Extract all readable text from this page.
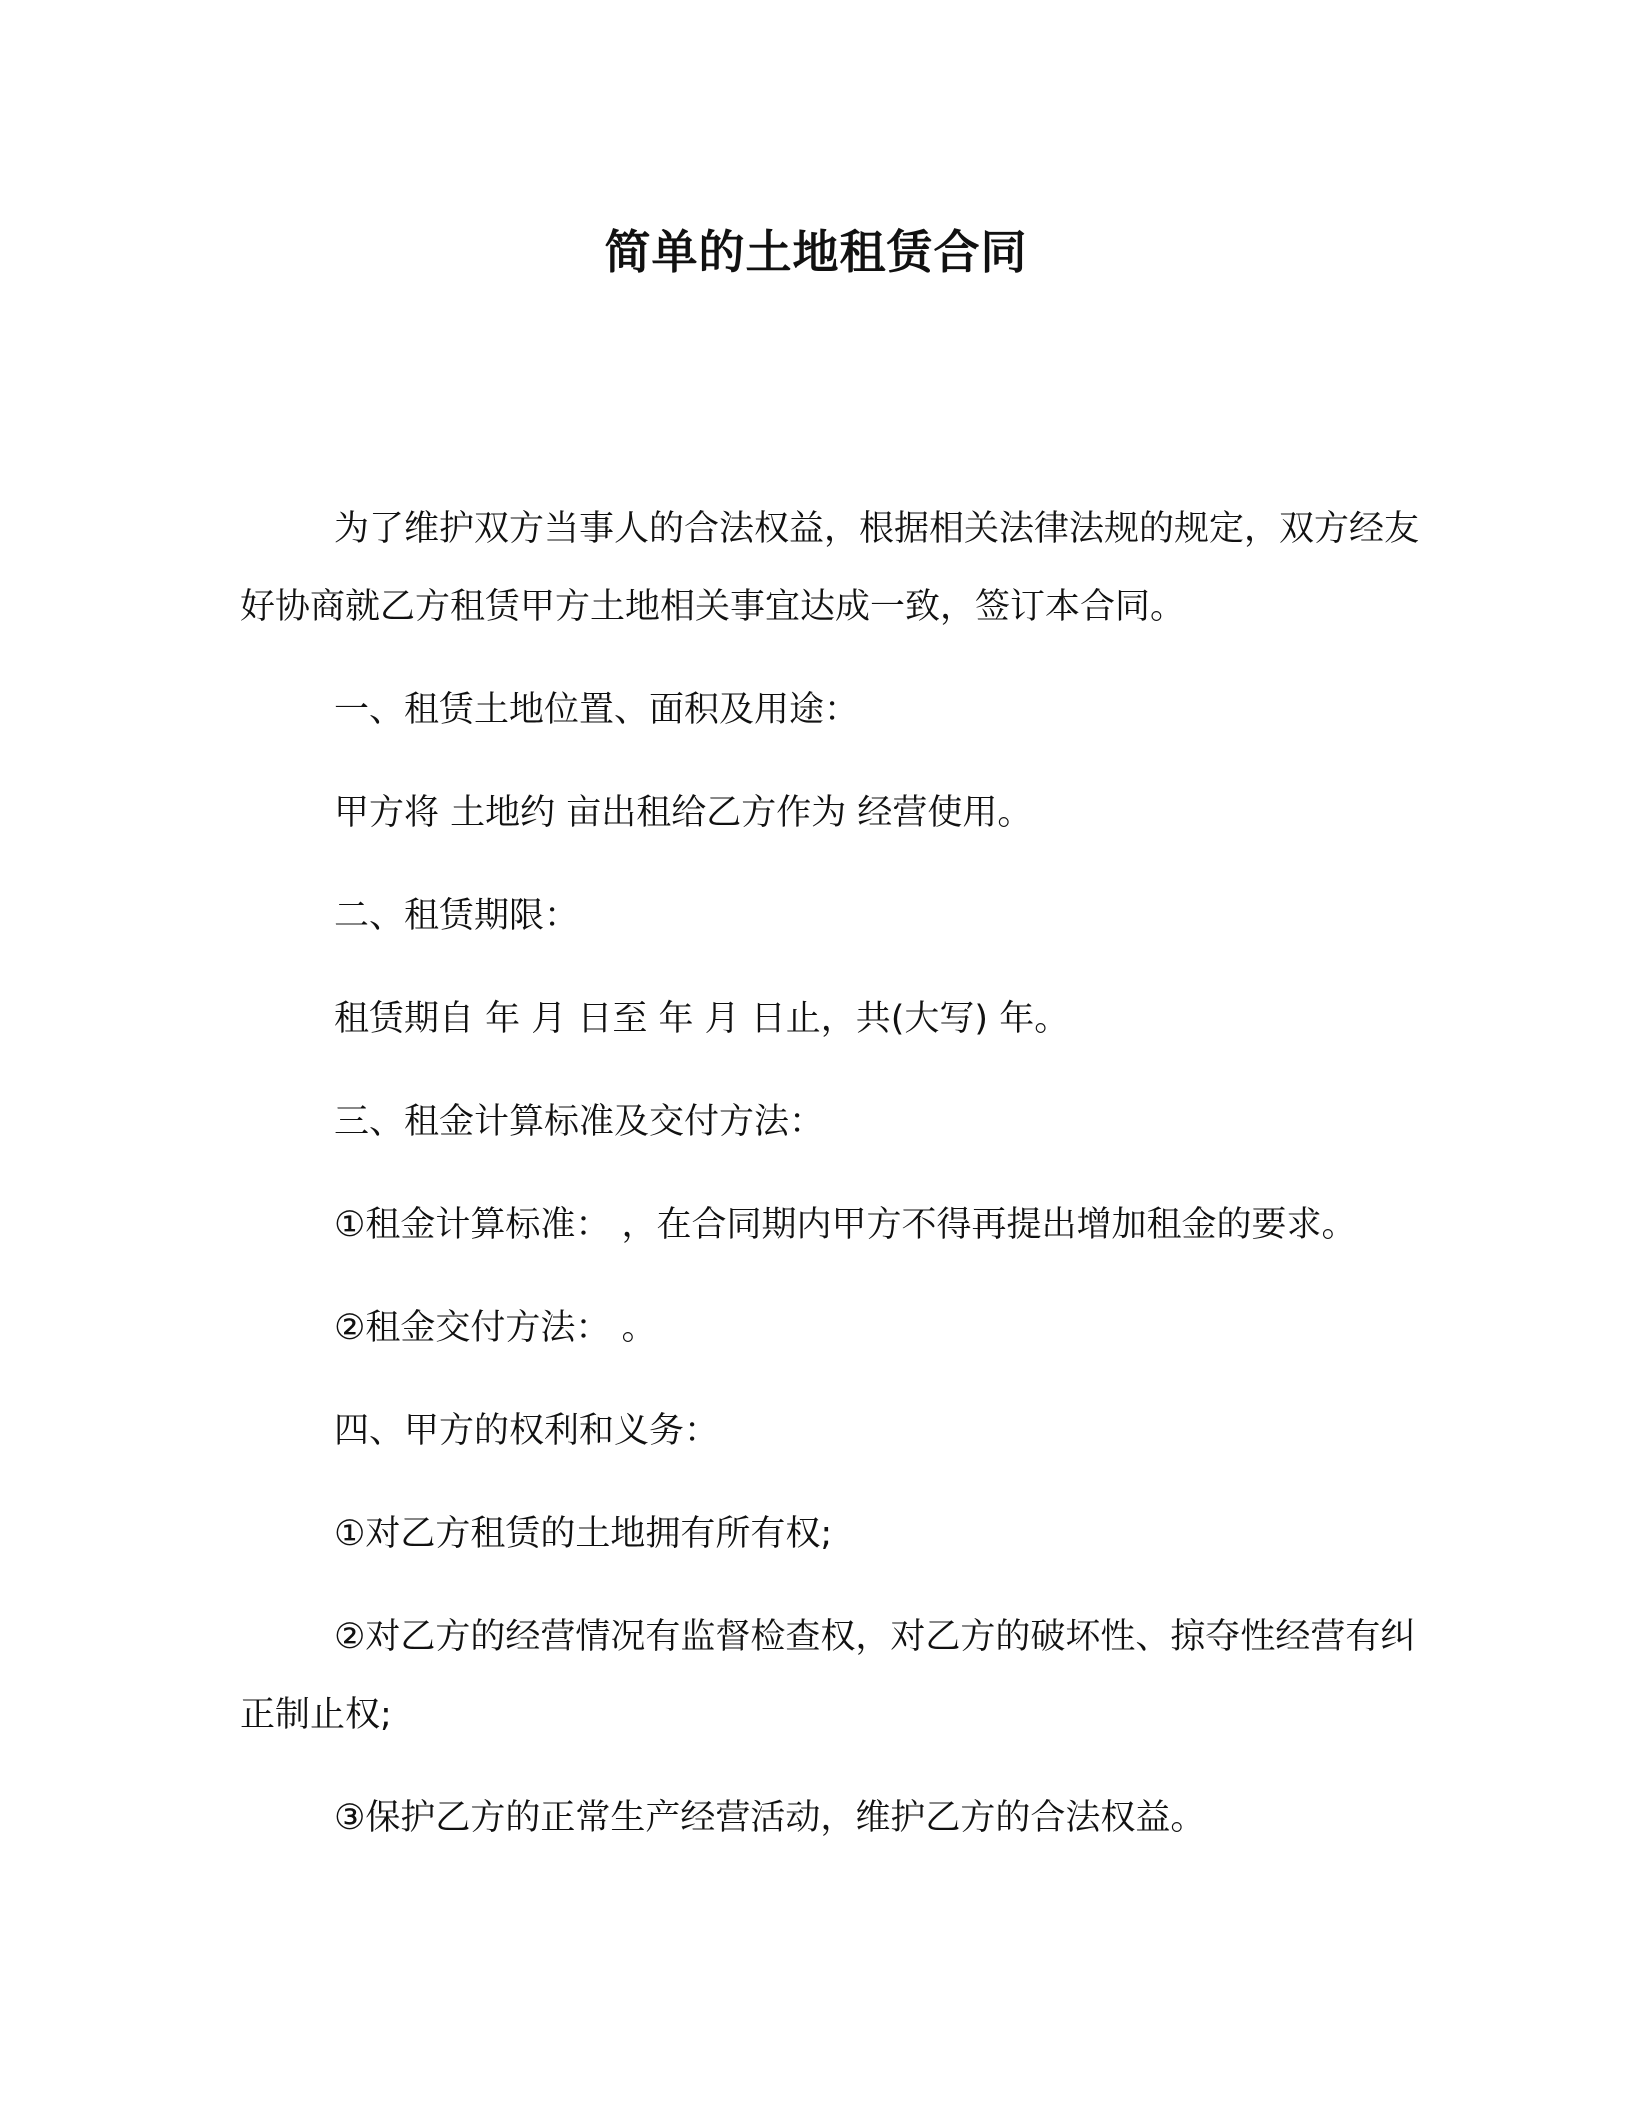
简单的土地租赁合同

为了维护双方当事人的合法权益，根据相关法律法规的规定，双方经友好协商就乙方租赁甲方土地相关事宜达成一致，签订本合同。

一、租赁土地位置、面积及用途：

甲方将 土地约 亩出租给乙方作为 经营使用。

二、租赁期限：

租赁期自 年 月 日至 年 月 日止，共(大写) 年。

三、租金计算标准及交付方法：

①租金计算标准： ，在合同期内甲方不得再提出增加租金的要求。

②租金交付方法： 。

四、甲方的权利和义务：

①对乙方租赁的土地拥有所有权;

②对乙方的经营情况有监督检查权，对乙方的破坏性、掠夺性经营有纠正制止权;

③保护乙方的正常生产经营活动，维护乙方的合法权益。
